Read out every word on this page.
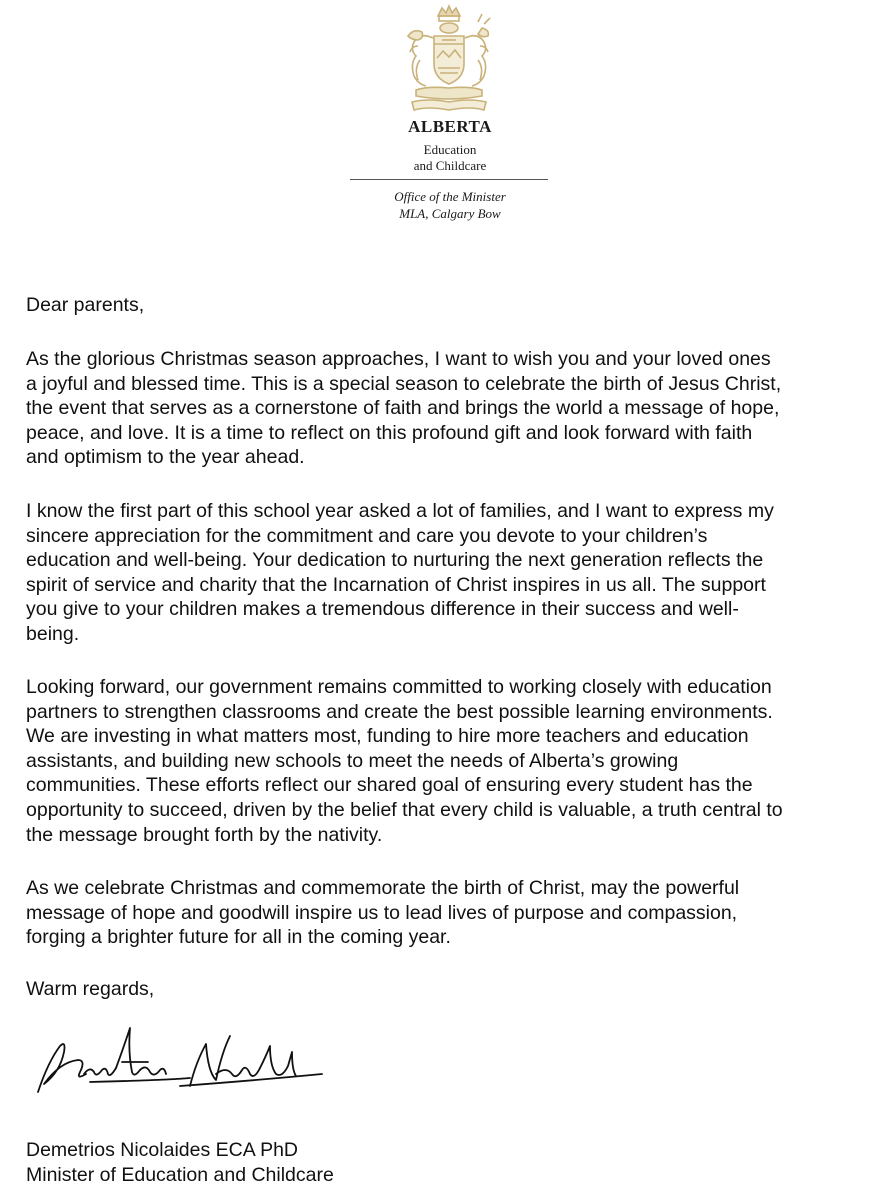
ALBERTA
Education
and Childcare
Office of the Minister
MLA, Calgary Bow

Dear parents,

As the glorious Christmas season approaches, I want to wish you and your loved ones

a joyful and blessed time. This is a special season to celebrate the birth of Jesus Christ,

the event that serves as a cornerstone of faith and brings the world a message of hope,

peace, and love. It is a time to reflect on this profound gift and look forward with faith

and optimism to the year ahead.

I know the first part of this school year asked a lot of families, and I want to express my

sincere appreciation for the commitment and care you devote to your children’s

education and well-being. Your dedication to nurturing the next generation reflects the

spirit of service and charity that the Incarnation of Christ inspires in us all. The support

you give to your children makes a tremendous difference in their success and well-

being.

Looking forward, our government remains committed to working closely with education

partners to strengthen classrooms and create the best possible learning environments.

We are investing in what matters most, funding to hire more teachers and education

assistants, and building new schools to meet the needs of Alberta’s growing

communities. These efforts reflect our shared goal of ensuring every student has the

opportunity to succeed, driven by the belief that every child is valuable, a truth central to

the message brought forth by the nativity.

As we celebrate Christmas and commemorate the birth of Christ, may the powerful

message of hope and goodwill inspire us to lead lives of purpose and compassion,

forging a brighter future for all in the coming year.

Warm regards,

Demetrios Nicolaides ECA PhD
Minister of Education and Childcare
